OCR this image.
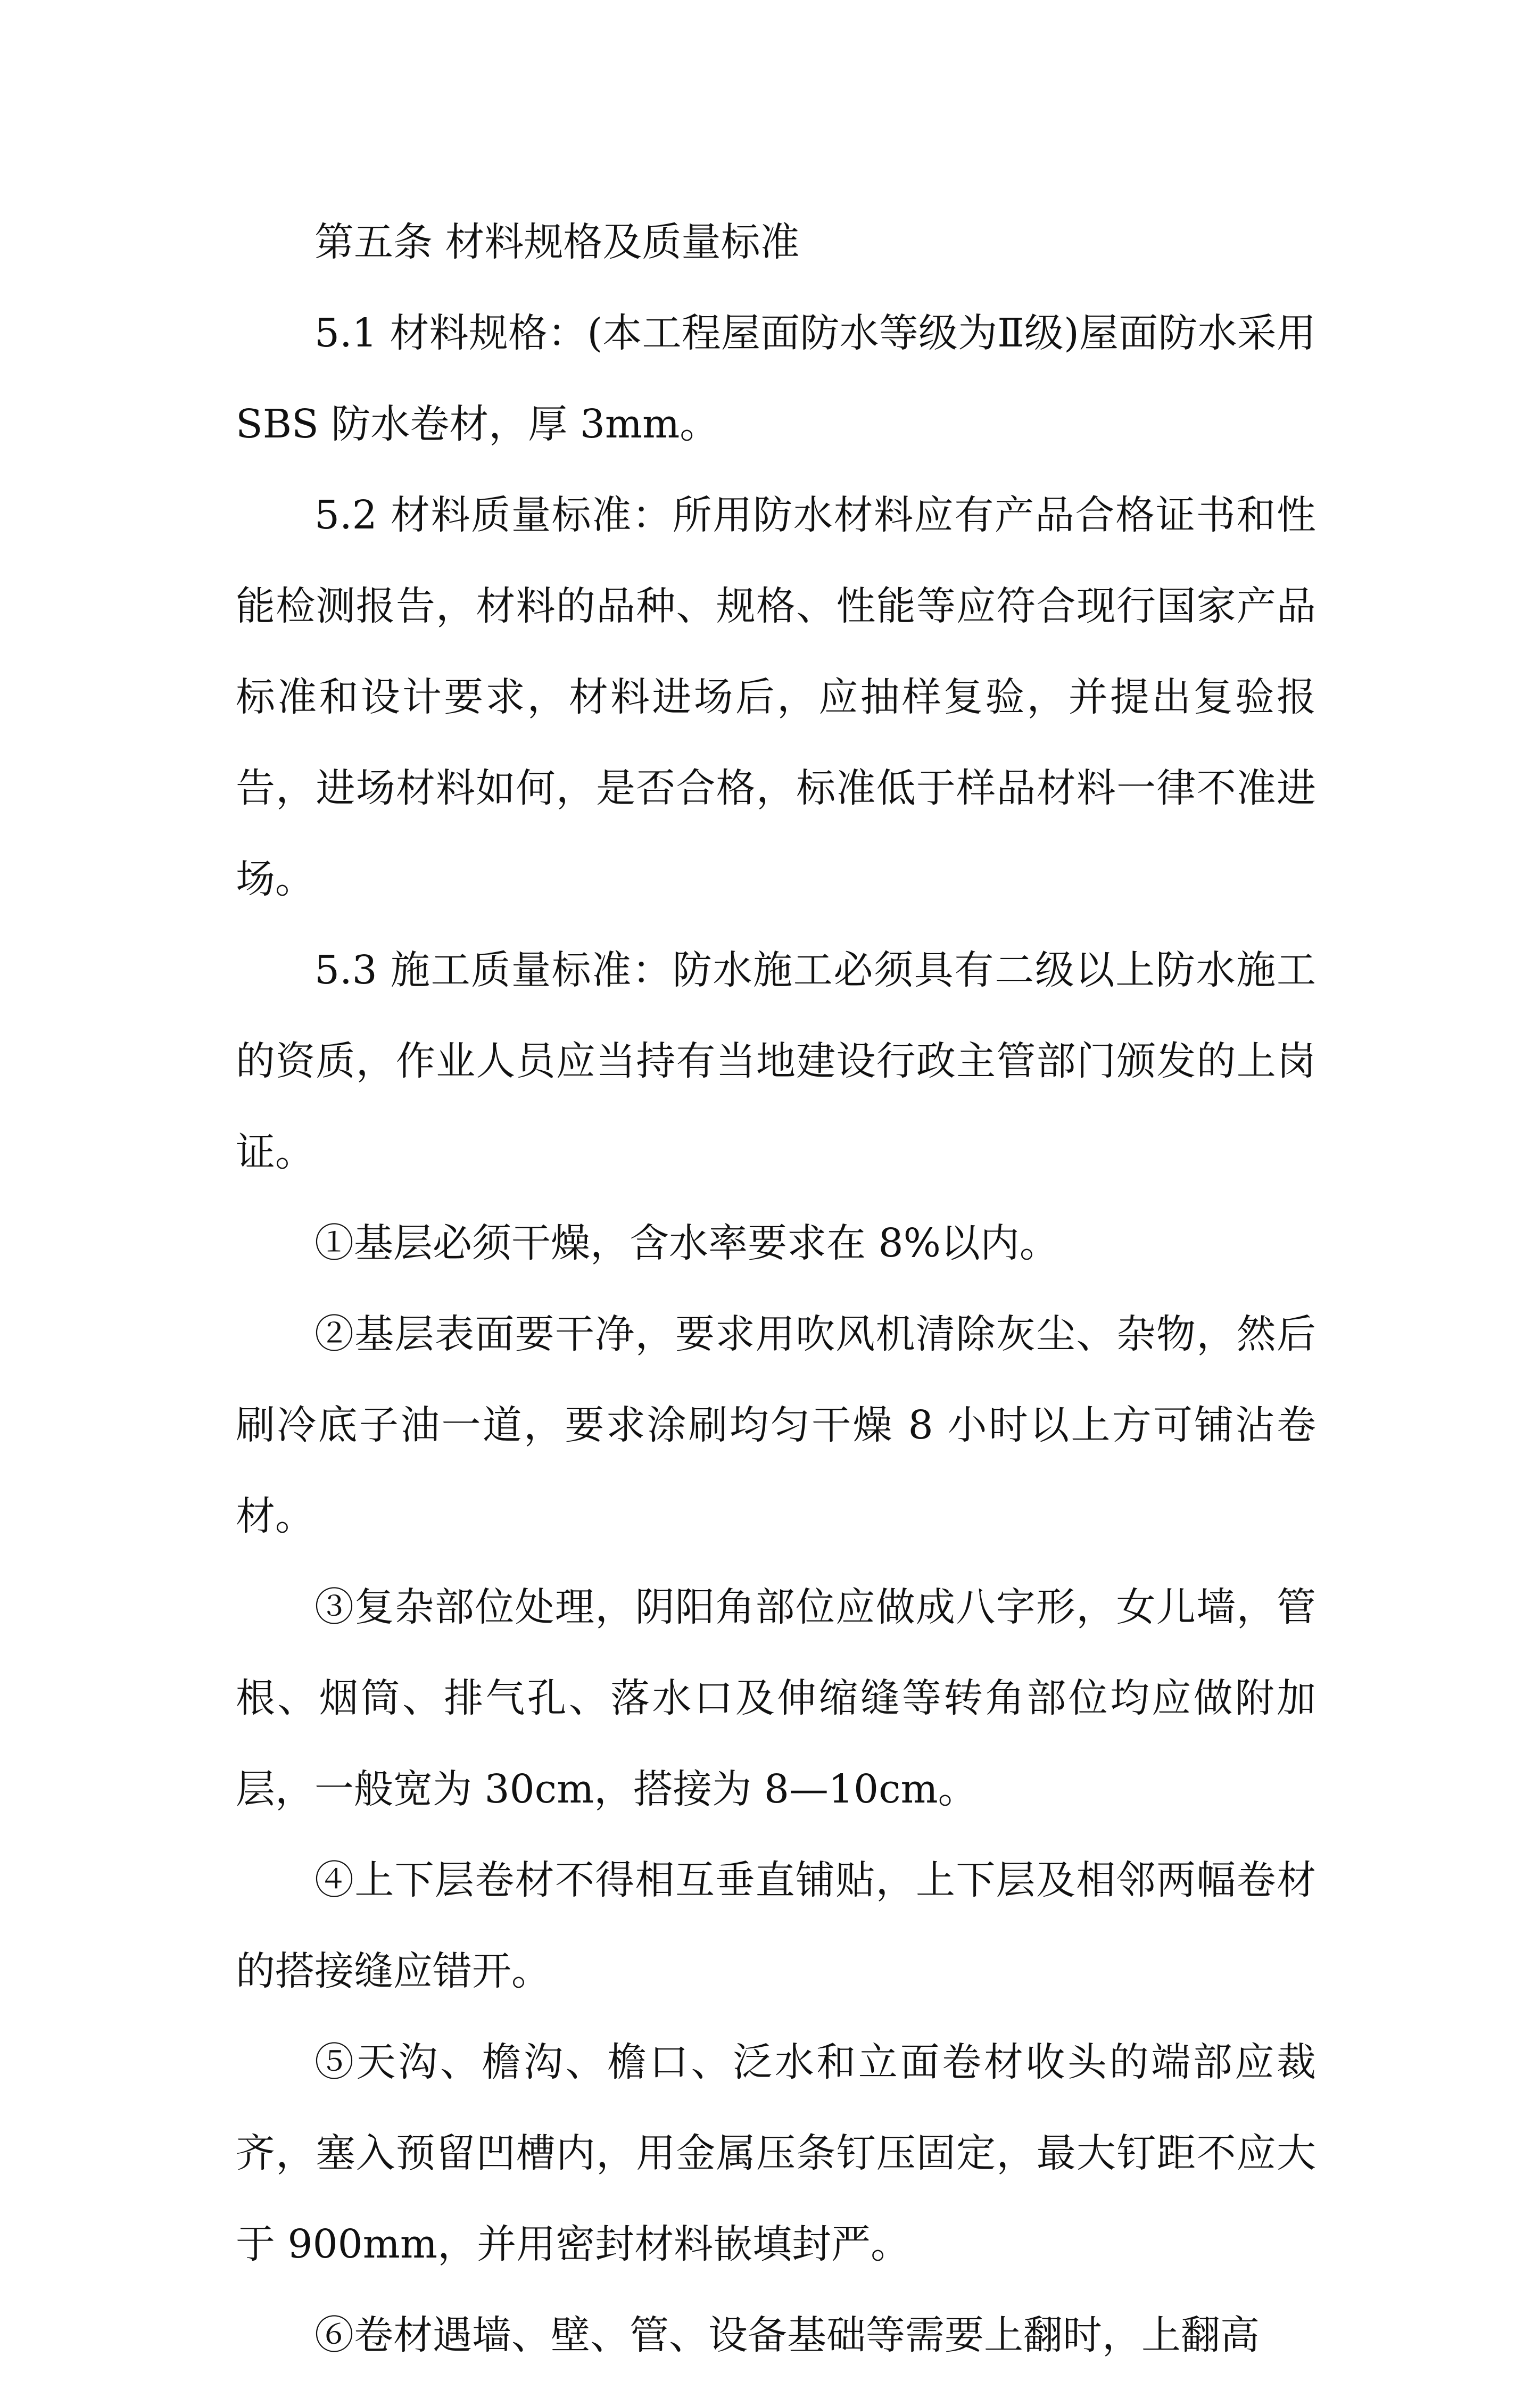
第五条 材料规格及质量标准

5.1 材料规格：(本工程屋面防水等级为Ⅱ级)屋面防水采用 SBS 防水卷材，厚 3mm。

5.2 材料质量标准：所用防水材料应有产品合格证书和性能检测报告，材料的品种、规格、性能等应符合现行国家产品标准和设计要求，材料进场后，应抽样复验，并提出复验报告，进场材料如何，是否合格，标准低于样品材料一律不准进场。

5.3 施工质量标准：防水施工必须具有二级以上防水施工的资质，作业人员应当持有当地建设行政主管部门颁发的上岗证。

①基层必须干燥，含水率要求在 8%以内。

②基层表面要干净，要求用吹风机清除灰尘、杂物，然后刷冷底子油一道，要求涂刷均匀干燥 8 小时以上方可铺沾卷材。

③复杂部位处理，阴阳角部位应做成八字形，女儿墙，管根、烟筒、排气孔、落水口及伸缩缝等转角部位均应做附加层，一般宽为 30cm，搭接为 8—10cm。

④上下层卷材不得相互垂直铺贴，上下层及相邻两幅卷材的搭接缝应错开。

⑤天沟、檐沟、檐口、泛水和立面卷材收头的端部应裁齐，塞入预留凹槽内，用金属压条钉压固定，最大钉距不应大于 900mm，并用密封材料嵌填封严。

⑥卷材遇墙、壁、管、设备基础等需要上翻时，上翻高
